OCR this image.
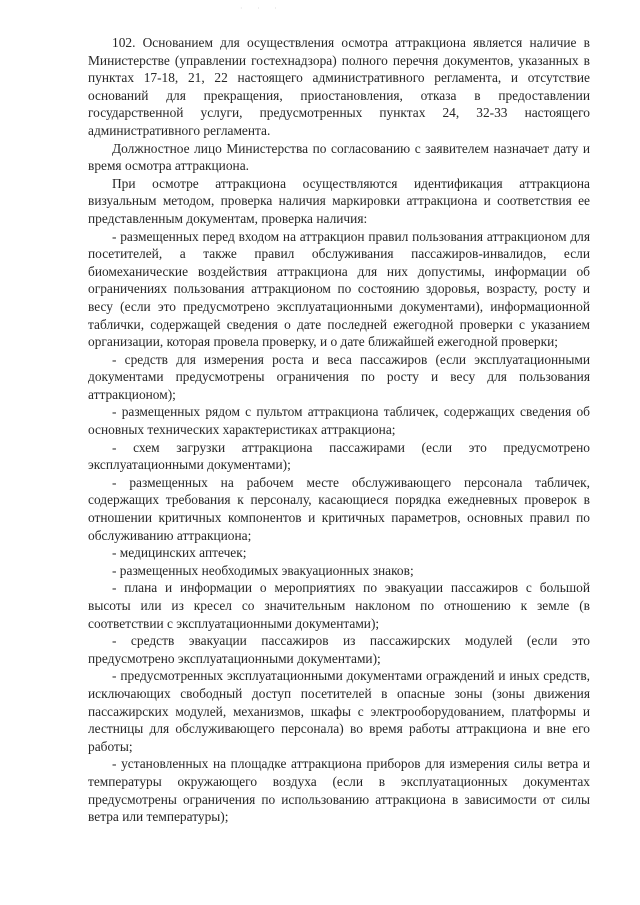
· · ·

102. Основанием для осуществления осмотра аттракциона является наличие в Министерстве (управлении гостехнадзора) полного перечня документов, указанных в пунктах 17-18, 21, 22 настоящего административного регламента, и отсутствие оснований для прекращения, приостановления, отказа в предоставлении государственной услуги, предусмотренных пунктах 24, 32-33 настоящего административного регламента.

Должностное лицо Министерства по согласованию с заявителем назначает дату и время осмотра аттракциона.

При осмотре аттракциона осуществляются идентификация аттракциона визуальным методом, проверка наличия маркировки аттракциона и соответствия ее представленным документам, проверка наличия:

- размещенных перед входом на аттракцион правил пользования аттракционом для посетителей, а также правил обслуживания пассажиров-инвалидов, если биомеханические воздействия аттракциона для них допустимы, информации об ограничениях пользования аттракционом по состоянию здоровья, возрасту, росту и весу (если это предусмотрено эксплуатационными документами), информационной таблички, содержащей сведения о дате последней ежегодной проверки с указанием организации, которая провела проверку, и о дате ближайшей ежегодной проверки;

- средств для измерения роста и веса пассажиров (если эксплуатационными документами предусмотрены ограничения по росту и весу для пользования аттракционом);

- размещенных рядом с пультом аттракциона табличек, содержащих сведения об основных технических характеристиках аттракциона;

- схем загрузки аттракциона пассажирами (если это предусмотрено эксплуатационными документами);

- размещенных на рабочем месте обслуживающего персонала табличек, содержащих требования к персоналу, касающиеся порядка ежедневных проверок в отношении критичных компонентов и критичных параметров, основных правил по обслуживанию аттракциона;

- медицинских аптечек;

- размещенных необходимых эвакуационных знаков;

- плана и информации о мероприятиях по эвакуации пассажиров с большой высоты или из кресел со значительным наклоном по отношению к земле (в соответствии с эксплуатационными документами);

- средств эвакуации пассажиров из пассажирских модулей (если это предусмотрено эксплуатационными документами);

- предусмотренных эксплуатационными документами ограждений и иных средств, исключающих свободный доступ посетителей в опасные зоны (зоны движения пассажирских модулей, механизмов, шкафы с электрооборудованием, платформы и лестницы для обслуживающего персонала) во время работы аттракциона и вне его работы;

- установленных на площадке аттракциона приборов для измерения силы ветра и температуры окружающего воздуха (если в эксплуатационных документах предусмотрены ограничения по использованию аттракциона в зависимости от силы ветра или температуры);
